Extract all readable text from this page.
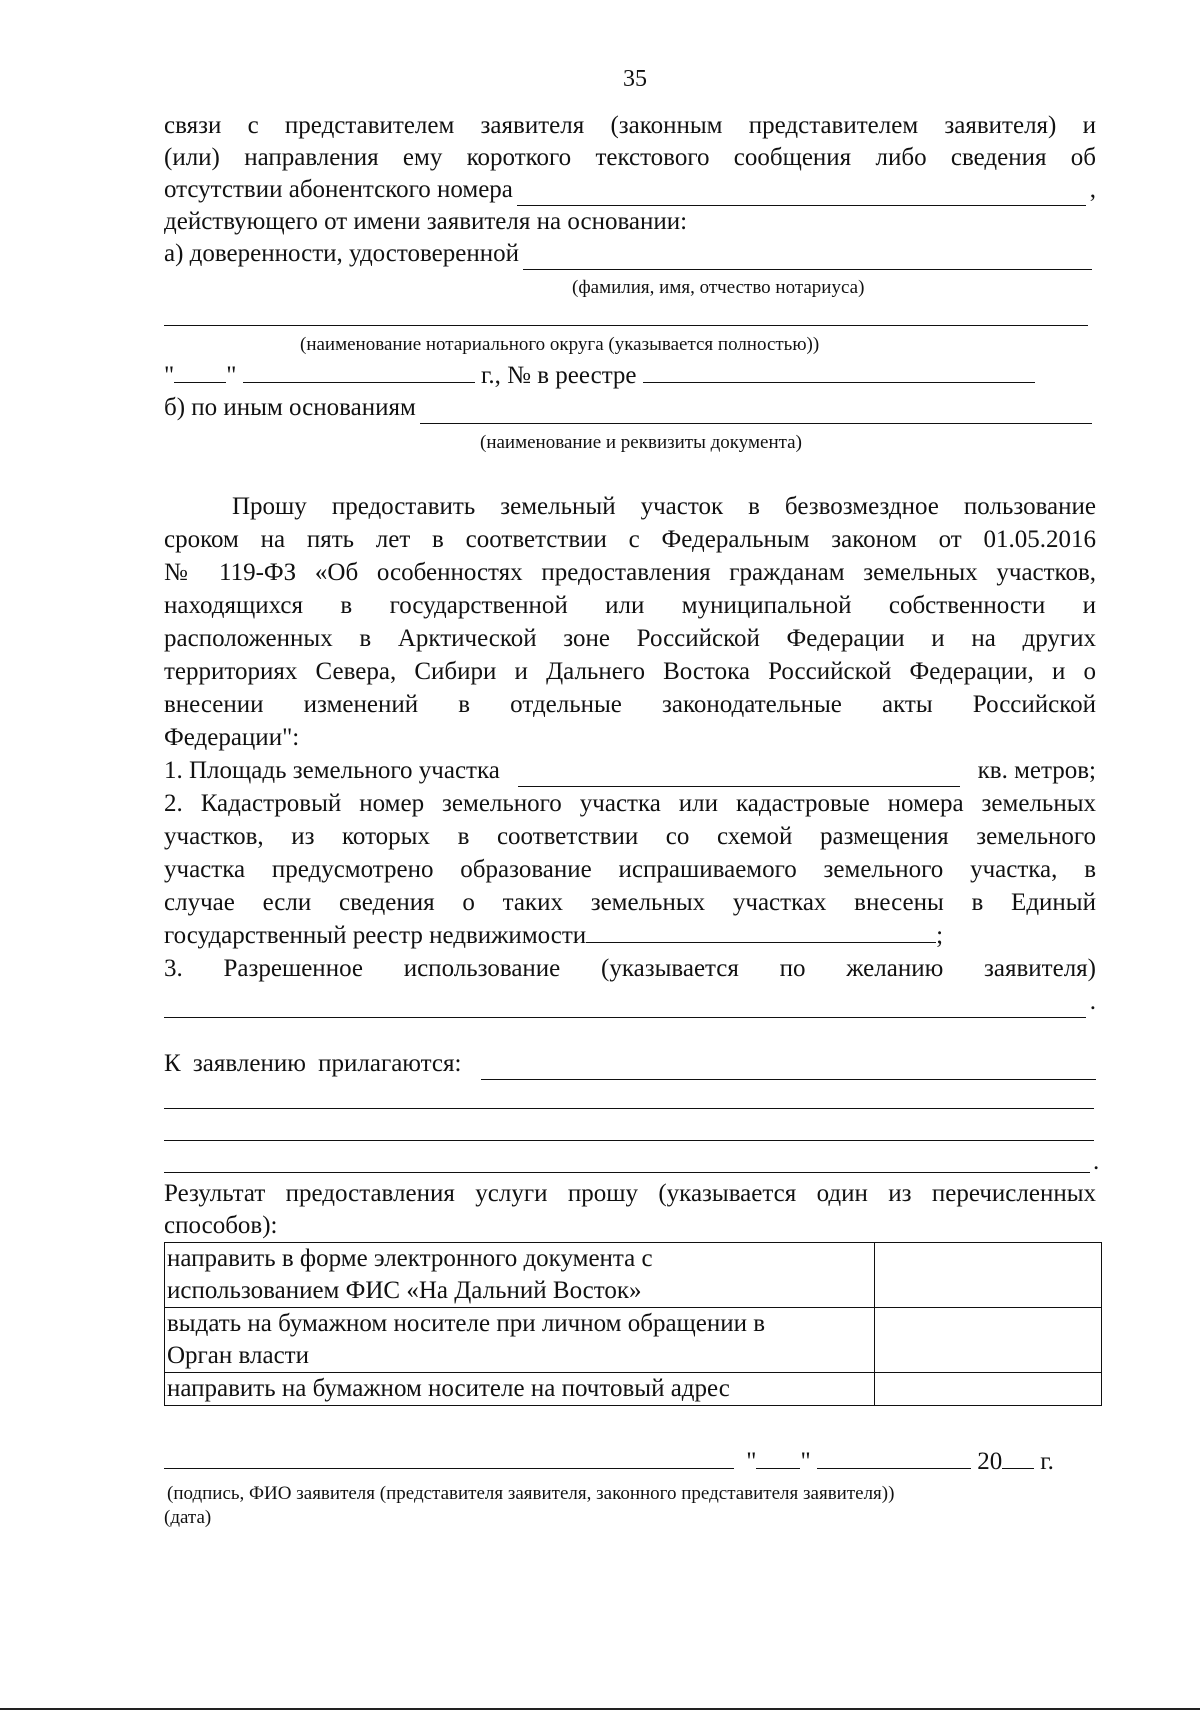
35
связи с представителем заявителя (законным представителем заявителя) и
(или) направления ему короткого текстового сообщения либо сведения об
отсутствии абонентского номера	,
действующего от имени заявителя на основании:
а) доверенности, удостоверенной
(фамилия, имя, отчество нотариуса)
(наименование нотариального округа (указывается полностью))
" "	г., № в реестре
б) по иным основаниям
(наименование и реквизиты документа)
Прошу предоставить земельный участок в безвозмездное пользование
сроком на пять лет в соответствии с Федеральным законом от 01.05.2016
№ 119-ФЗ «Об особенностях предоставления гражданам земельных участков,
находящихся в государственной или муниципальной собственности и
расположенных в Арктической зоне Российской Федерации и на других
территориях Севера, Сибири и Дальнего Востока Российской Федерации, и о
внесении изменений в отдельные законодательные акты Российской
Федерации":
1. Площадь земельного участка	кв. метров;
2. Кадастровый номер земельного участка или кадастровые номера земельных
участков, из которых в соответствии со схемой размещения земельного
участка предусмотрено образование испрашиваемого земельного участка, в
случае если сведения о таких земельных участках внесены в Единый
государственный реестр недвижимости	;
3. Разрешенное использование (указывается по желанию заявителя)
.
К заявлению прилагаются:
.
Результат предоставления услуги прошу (указывается один из перечисленных
способов):
направить в форме электронного документа с
использованием ФИС «На Дальний Восток»	

выдать на бумажном носителе при личном обращении в
Орган власти	

направить на бумажном носителе на почтовый адрес	

" "	20 г.
(подпись, ФИО заявителя (представителя заявителя, законного представителя заявителя))
(дата)
